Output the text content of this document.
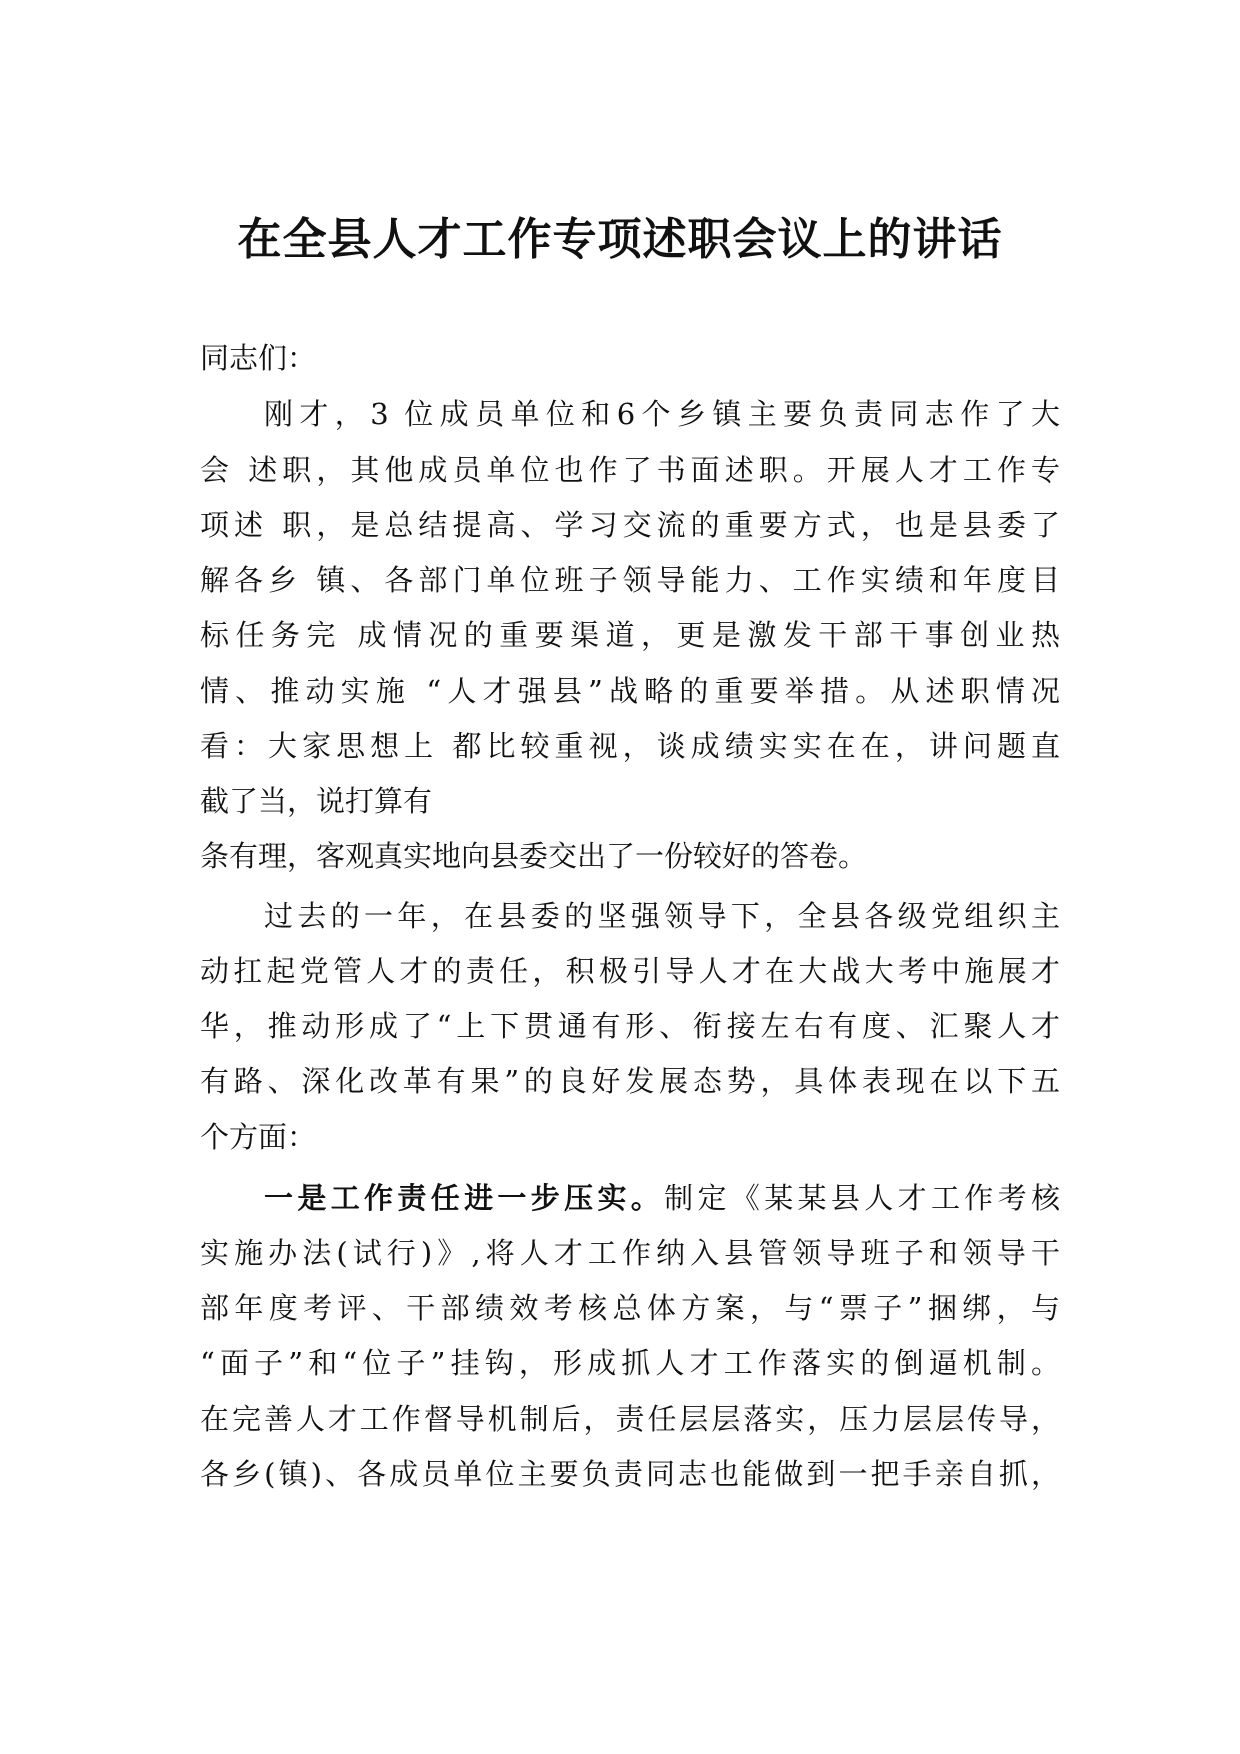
在全县人才工作专项述职会议上的讲话

同志们：

刚才，3 位成员单位和6个乡镇主要负责同志作了大

会 述职，其他成员单位也作了书面述职。开展人才工作专

项述 职，是总结提高、学习交流的重要方式，也是县委了

解各乡 镇、各部门单位班子领导能力、工作实绩和年度目

标任务完 成情况的重要渠道，更是激发干部干事创业热

情、推动实施 “人才强县”战略的重要举措。从述职情况

看：大家思想上 都比较重视，谈成绩实实在在，讲问题直

截了当，说打算有

条有理，客观真实地向县委交出了一份较好的答卷。

过去的一年，在县委的坚强领导下，全县各级党组织主

动扛起党管人才的责任，积极引导人才在大战大考中施展才

华，推动形成了“上下贯通有形、衔接左右有度、汇聚人才

有路、深化改革有果”的良好发展态势，具体表现在以下五

个方面：

一是工作责任进一步压实。制定《某某县人才工作考核

实施办法(试行)》,将人才工作纳入县管领导班子和领导干

部年度考评、干部绩效考核总体方案，与“票子”捆绑，与

“面子”和“位子”挂钩，形成抓人才工作落实的倒逼机制。

在完善人才工作督导机制后，责任层层落实，压力层层传导，

各乡(镇)、各成员单位主要负责同志也能做到一把手亲自抓，
